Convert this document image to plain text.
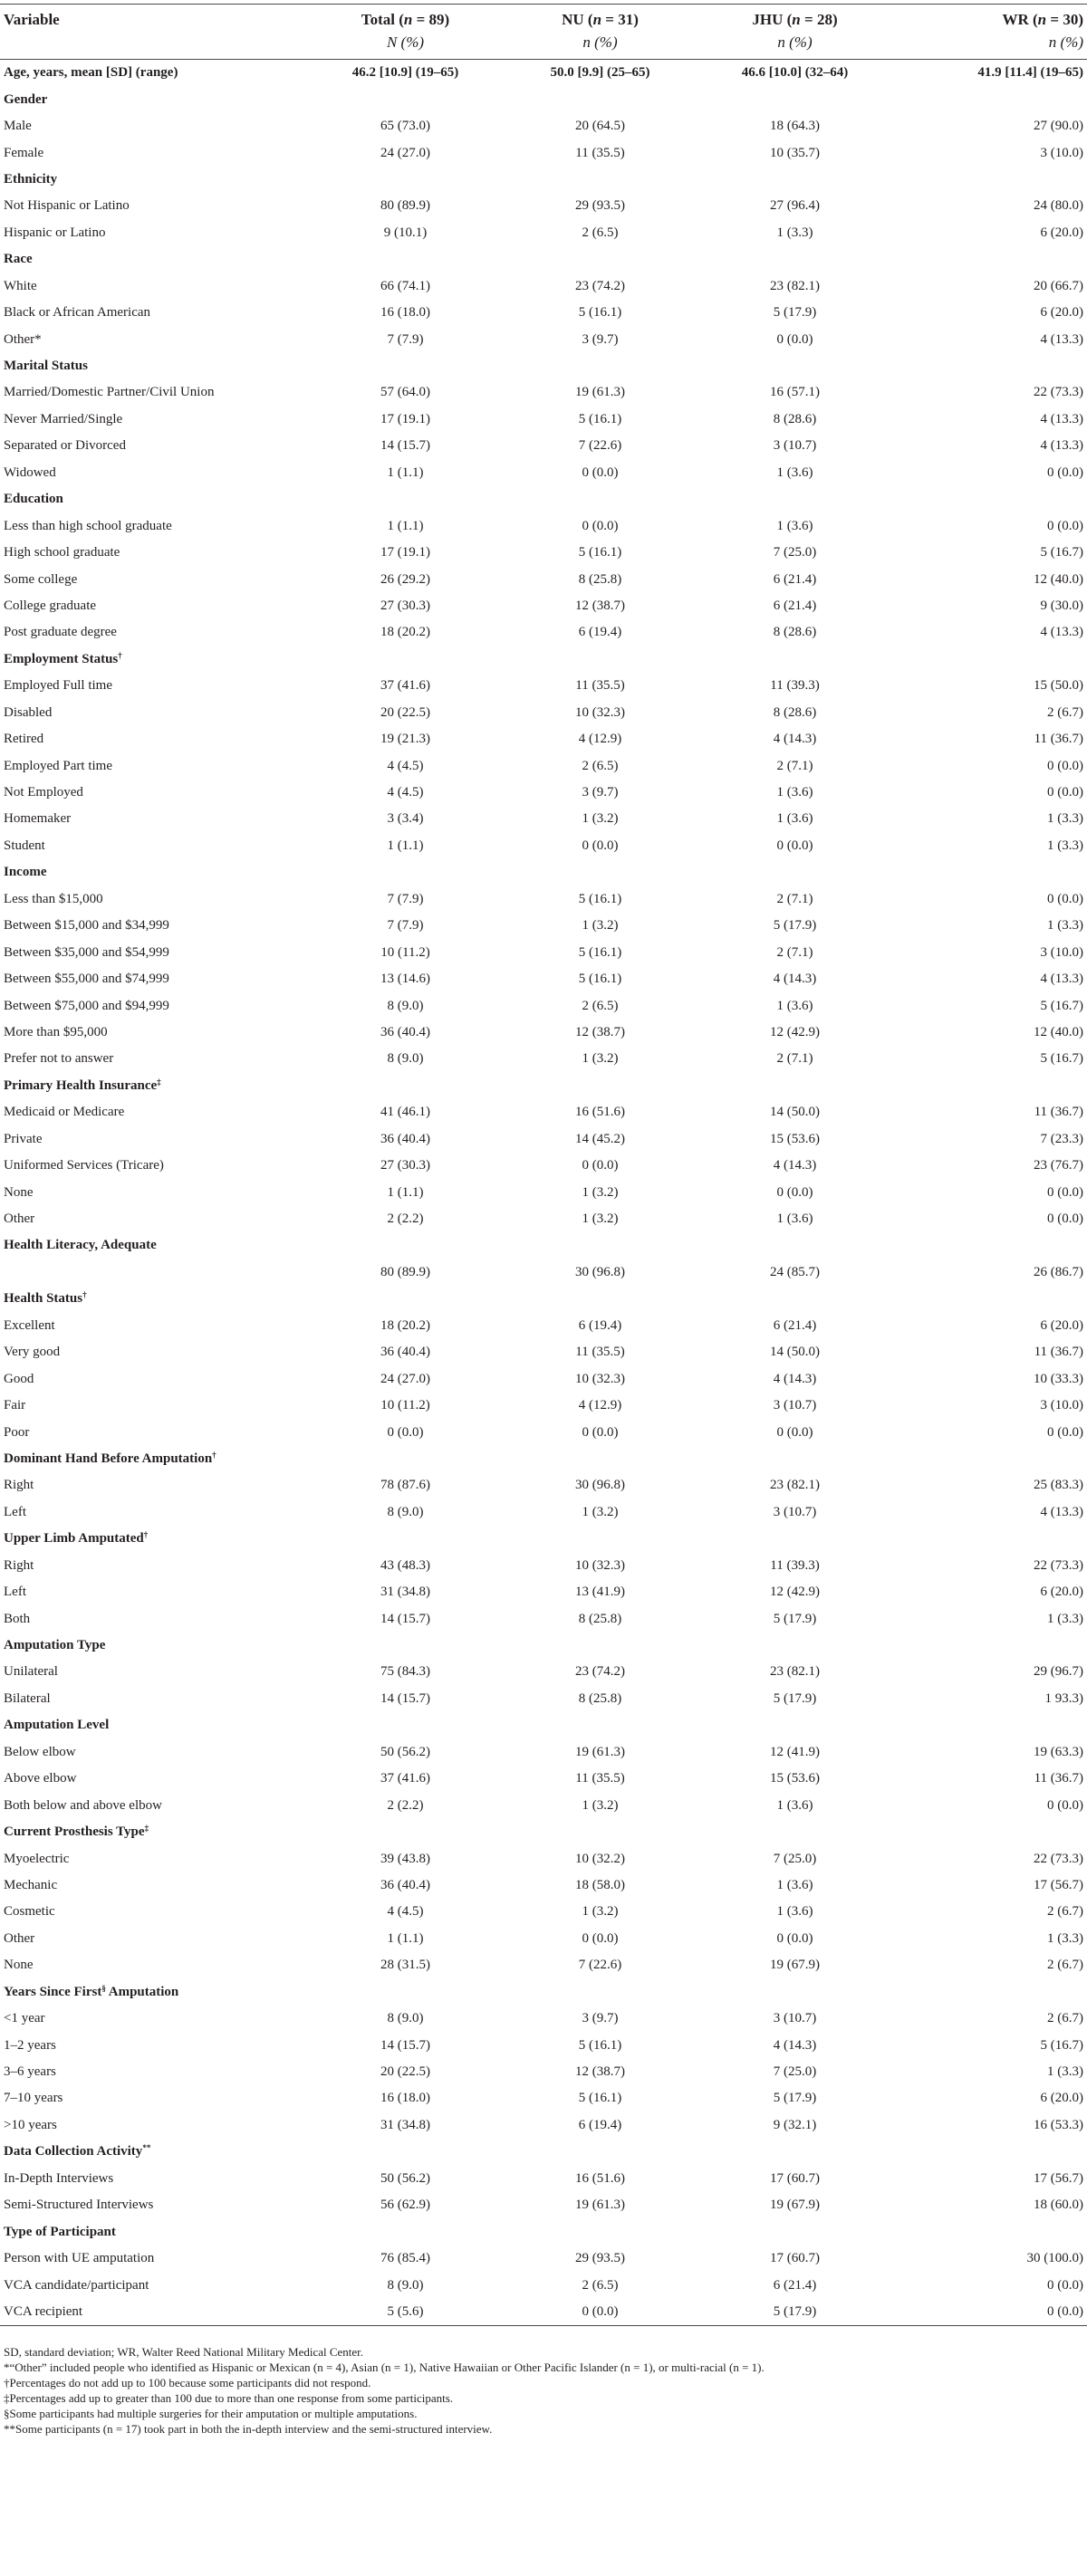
Variable	Total (n = 89)	NU (n = 31)	JHU (n = 28)	WR (n = 30)
	N (%)	n (%)	n (%)	n (%)
Age, years, mean [SD] (range)	46.2 [10.9] (19–65)	50.0 [9.9] (25–65)	46.6 [10.0] (32–64)	41.9 [11.4] (19–65)
Gender				
Male	65 (73.0)	20 (64.5)	18 (64.3)	27 (90.0)
Female	24 (27.0)	11 (35.5)	10 (35.7)	3 (10.0)
Ethnicity				
Not Hispanic or Latino	80 (89.9)	29 (93.5)	27 (96.4)	24 (80.0)
Hispanic or Latino	9 (10.1)	2 (6.5)	1 (3.3)	6 (20.0)
Race				
White	66 (74.1)	23 (74.2)	23 (82.1)	20 (66.7)
Black or African American	16 (18.0)	5 (16.1)	5 (17.9)	6 (20.0)
Other*	7 (7.9)	3 (9.7)	0 (0.0)	4 (13.3)
Marital Status				
Married/Domestic Partner/Civil Union	57 (64.0)	19 (61.3)	16 (57.1)	22 (73.3)
Never Married/Single	17 (19.1)	5 (16.1)	8 (28.6)	4 (13.3)
Separated or Divorced	14 (15.7)	7 (22.6)	3 (10.7)	4 (13.3)
Widowed	1 (1.1)	0 (0.0)	1 (3.6)	0 (0.0)
Education				
Less than high school graduate	1 (1.1)	0 (0.0)	1 (3.6)	0 (0.0)
High school graduate	17 (19.1)	5 (16.1)	7 (25.0)	5 (16.7)
Some college	26 (29.2)	8 (25.8)	6 (21.4)	12 (40.0)
College graduate	27 (30.3)	12 (38.7)	6 (21.4)	9 (30.0)
Post graduate degree	18 (20.2)	6 (19.4)	8 (28.6)	4 (13.3)
Employment Status†				
Employed Full time	37 (41.6)	11 (35.5)	11 (39.3)	15 (50.0)
Disabled	20 (22.5)	10 (32.3)	8 (28.6)	2 (6.7)
Retired	19 (21.3)	4 (12.9)	4 (14.3)	11 (36.7)
Employed Part time	4 (4.5)	2 (6.5)	2 (7.1)	0 (0.0)
Not Employed	4 (4.5)	3 (9.7)	1 (3.6)	0 (0.0)
Homemaker	3 (3.4)	1 (3.2)	1 (3.6)	1 (3.3)
Student	1 (1.1)	0 (0.0)	0 (0.0)	1 (3.3)
Income				
Less than $15,000	7 (7.9)	5 (16.1)	2 (7.1)	0 (0.0)
Between $15,000 and $34,999	7 (7.9)	1 (3.2)	5 (17.9)	1 (3.3)
Between $35,000 and $54,999	10 (11.2)	5 (16.1)	2 (7.1)	3 (10.0)
Between $55,000 and $74,999	13 (14.6)	5 (16.1)	4 (14.3)	4 (13.3)
Between $75,000 and $94,999	8 (9.0)	2 (6.5)	1 (3.6)	5 (16.7)
More than $95,000	36 (40.4)	12 (38.7)	12 (42.9)	12 (40.0)
Prefer not to answer	8 (9.0)	1 (3.2)	2 (7.1)	5 (16.7)
Primary Health Insurance‡				
Medicaid or Medicare	41 (46.1)	16 (51.6)	14 (50.0)	11 (36.7)
Private	36 (40.4)	14 (45.2)	15 (53.6)	7 (23.3)
Uniformed Services (Tricare)	27 (30.3)	0 (0.0)	4 (14.3)	23 (76.7)
None	1 (1.1)	1 (3.2)	0 (0.0)	0 (0.0)
Other	2 (2.2)	1 (3.2)	1 (3.6)	0 (0.0)
Health Literacy, Adequate				
	80 (89.9)	30 (96.8)	24 (85.7)	26 (86.7)
Health Status†				
Excellent	18 (20.2)	6 (19.4)	6 (21.4)	6 (20.0)
Very good	36 (40.4)	11 (35.5)	14 (50.0)	11 (36.7)
Good	24 (27.0)	10 (32.3)	4 (14.3)	10 (33.3)
Fair	10 (11.2)	4 (12.9)	3 (10.7)	3 (10.0)
Poor	0 (0.0)	0 (0.0)	0 (0.0)	0 (0.0)
Dominant Hand Before Amputation†				
Right	78 (87.6)	30 (96.8)	23 (82.1)	25 (83.3)
Left	8 (9.0)	1 (3.2)	3 (10.7)	4 (13.3)
Upper Limb Amputated†				
Right	43 (48.3)	10 (32.3)	11 (39.3)	22 (73.3)
Left	31 (34.8)	13 (41.9)	12 (42.9)	6 (20.0)
Both	14 (15.7)	8 (25.8)	5 (17.9)	1 (3.3)
Amputation Type				
Unilateral	75 (84.3)	23 (74.2)	23 (82.1)	29 (96.7)
Bilateral	14 (15.7)	8 (25.8)	5 (17.9)	1 93.3)
Amputation Level				
Below elbow	50 (56.2)	19 (61.3)	12 (41.9)	19 (63.3)
Above elbow	37 (41.6)	11 (35.5)	15 (53.6)	11 (36.7)
Both below and above elbow	2 (2.2)	1 (3.2)	1 (3.6)	0 (0.0)
Current Prosthesis Type‡				
Myoelectric	39 (43.8)	10 (32.2)	7 (25.0)	22 (73.3)
Mechanic	36 (40.4)	18 (58.0)	1 (3.6)	17 (56.7)
Cosmetic	4 (4.5)	1 (3.2)	1 (3.6)	2 (6.7)
Other	1 (1.1)	0 (0.0)	0 (0.0)	1 (3.3)
None	28 (31.5)	7 (22.6)	19 (67.9)	2 (6.7)
Years Since First§ Amputation				
<1 year	8 (9.0)	3 (9.7)	3 (10.7)	2 (6.7)
1–2 years	14 (15.7)	5 (16.1)	4 (14.3)	5 (16.7)
3–6 years	20 (22.5)	12 (38.7)	7 (25.0)	1 (3.3)
7–10 years	16 (18.0)	5 (16.1)	5 (17.9)	6 (20.0)
>10 years	31 (34.8)	6 (19.4)	9 (32.1)	16 (53.3)
Data Collection Activity**				
In-Depth Interviews	50 (56.2)	16 (51.6)	17 (60.7)	17 (56.7)
Semi-Structured Interviews	56 (62.9)	19 (61.3)	19 (67.9)	18 (60.0)
Type of Participant				
Person with UE amputation	76 (85.4)	29 (93.5)	17 (60.7)	30 (100.0)
VCA candidate/participant	8 (9.0)	2 (6.5)	6 (21.4)	0 (0.0)
VCA recipient	5 (5.6)	0 (0.0)	5 (17.9)	0 (0.0)
SD, standard deviation; WR, Walter Reed National Military Medical Center.
*“Other” included people who identified as Hispanic or Mexican (n = 4), Asian (n = 1), Native Hawaiian or Other Pacific Islander (n = 1), or multi-racial (n = 1).
†Percentages do not add up to 100 because some participants did not respond.
‡Percentages add up to greater than 100 due to more than one response from some participants.
§Some participants had multiple surgeries for their amputation or multiple amputations.
**Some participants (n = 17) took part in both the in-depth interview and the semi-structured interview.
